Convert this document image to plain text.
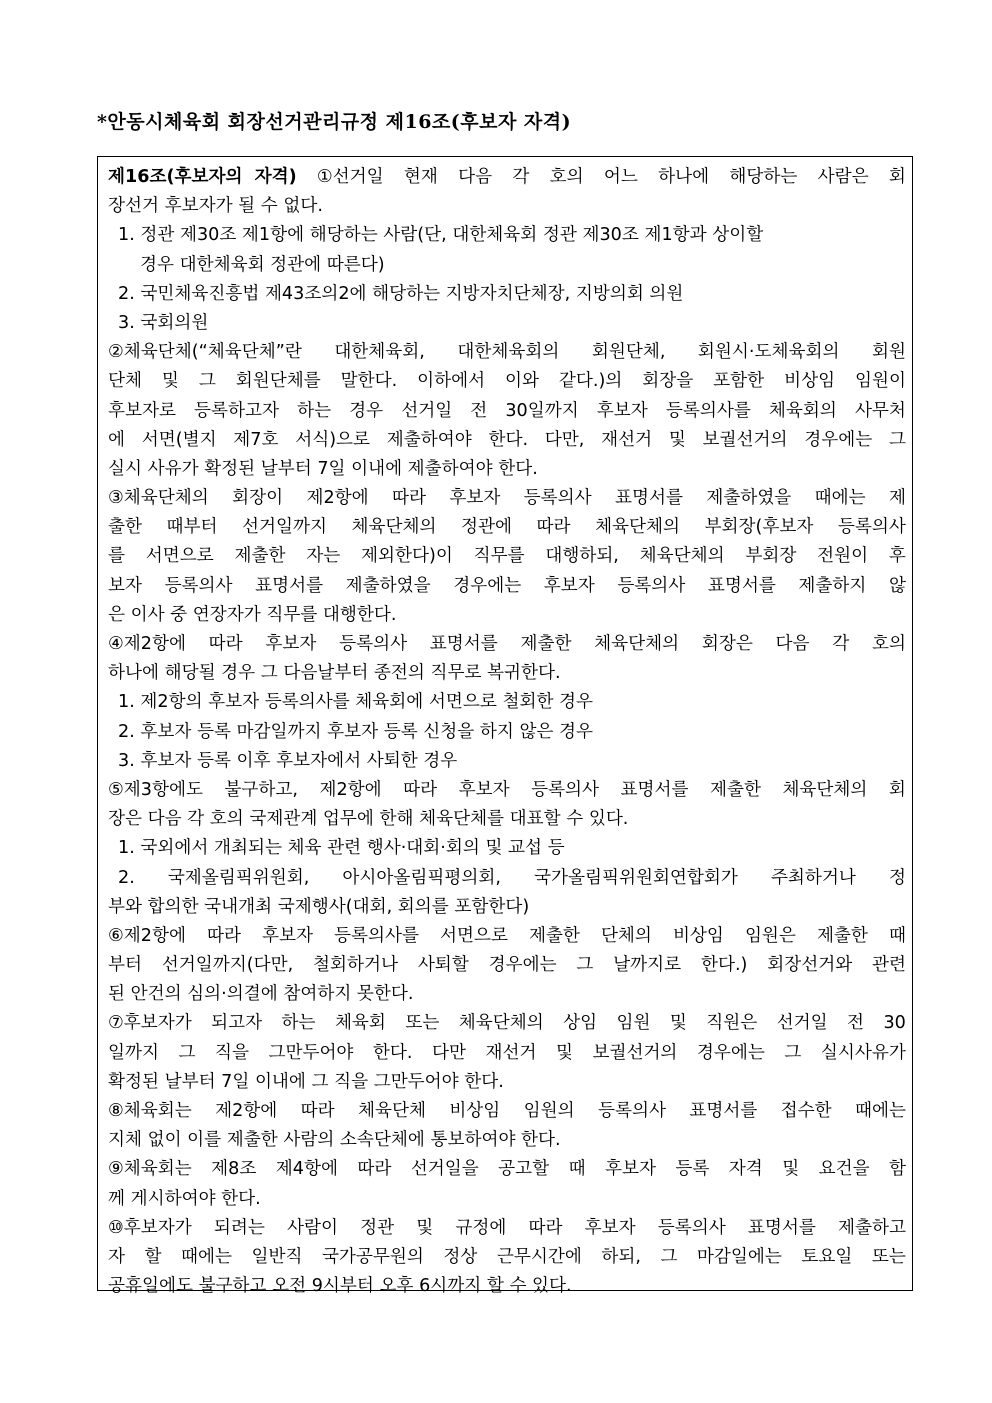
*안동시체육회 회장선거관리규정 제16조(후보자 자격)
제16조(후보자의 자격) ①선거일 현재 다음 각 호의 어느 하나에 해당하는 사람은 회
장선거 후보자가 될 수 없다.
1. 정관 제30조 제1항에 해당하는 사람(단, 대한체육회 정관 제30조 제1항과 상이할
경우 대한체육회 정관에 따른다)
2. 국민체육진흥법 제43조의2에 해당하는 지방자치단체장, 지방의회 의원
3. 국회의원
②체육단체(“체육단체”란 대한체육회, 대한체육회의 회원단체, 회원시·도체육회의 회원
단체 및 그 회원단체를 말한다. 이하에서 이와 같다.)의 회장을 포함한 비상임 임원이
후보자로 등록하고자 하는 경우 선거일 전 30일까지 후보자 등록의사를 체육회의 사무처
에 서면(별지 제7호 서식)으로 제출하여야 한다. 다만, 재선거 및 보궐선거의 경우에는 그
실시 사유가 확정된 날부터 7일 이내에 제출하여야 한다.
③체육단체의 회장이 제2항에 따라 후보자 등록의사 표명서를 제출하였을 때에는 제
출한 때부터 선거일까지 체육단체의 정관에 따라 체육단체의 부회장(후보자 등록의사
를 서면으로 제출한 자는 제외한다)이 직무를 대행하되, 체육단체의 부회장 전원이 후
보자 등록의사 표명서를 제출하였을 경우에는 후보자 등록의사 표명서를 제출하지 않
은 이사 중 연장자가 직무를 대행한다.
④제2항에 따라 후보자 등록의사 표명서를 제출한 체육단체의 회장은 다음 각 호의
하나에 해당될 경우 그 다음날부터 종전의 직무로 복귀한다.
1. 제2항의 후보자 등록의사를 체육회에 서면으로 철회한 경우
2. 후보자 등록 마감일까지 후보자 등록 신청을 하지 않은 경우
3. 후보자 등록 이후 후보자에서 사퇴한 경우
⑤제3항에도 불구하고, 제2항에 따라 후보자 등록의사 표명서를 제출한 체육단체의 회
장은 다음 각 호의 국제관계 업무에 한해 체육단체를 대표할 수 있다.
1. 국외에서 개최되는 체육 관련 행사·대회·회의 및 교섭 등
2. 국제올림픽위원회, 아시아올림픽평의회, 국가올림픽위원회연합회가 주최하거나 정
부와 합의한 국내개최 국제행사(대회, 회의를 포함한다)
⑥제2항에 따라 후보자 등록의사를 서면으로 제출한 단체의 비상임 임원은 제출한 때
부터 선거일까지(다만, 철회하거나 사퇴할 경우에는 그 날까지로 한다.) 회장선거와 관련
된 안건의 심의·의결에 참여하지 못한다.
⑦후보자가 되고자 하는 체육회 또는 체육단체의 상임 임원 및 직원은 선거일 전 30
일까지 그 직을 그만두어야 한다. 다만 재선거 및 보궐선거의 경우에는 그 실시사유가
확정된 날부터 7일 이내에 그 직을 그만두어야 한다.
⑧체육회는 제2항에 따라 체육단체 비상임 임원의 등록의사 표명서를 접수한 때에는
지체 없이 이를 제출한 사람의 소속단체에 통보하여야 한다.
⑨체육회는 제8조 제4항에 따라 선거일을 공고할 때 후보자 등록 자격 및 요건을 함
께 게시하여야 한다.
⑩후보자가 되려는 사람이 정관 및 규정에 따라 후보자 등록의사 표명서를 제출하고
자 할 때에는 일반직 국가공무원의 정상 근무시간에 하되, 그 마감일에는 토요일 또는
공휴일에도 불구하고 오전 9시부터 오후 6시까지 할 수 있다.
